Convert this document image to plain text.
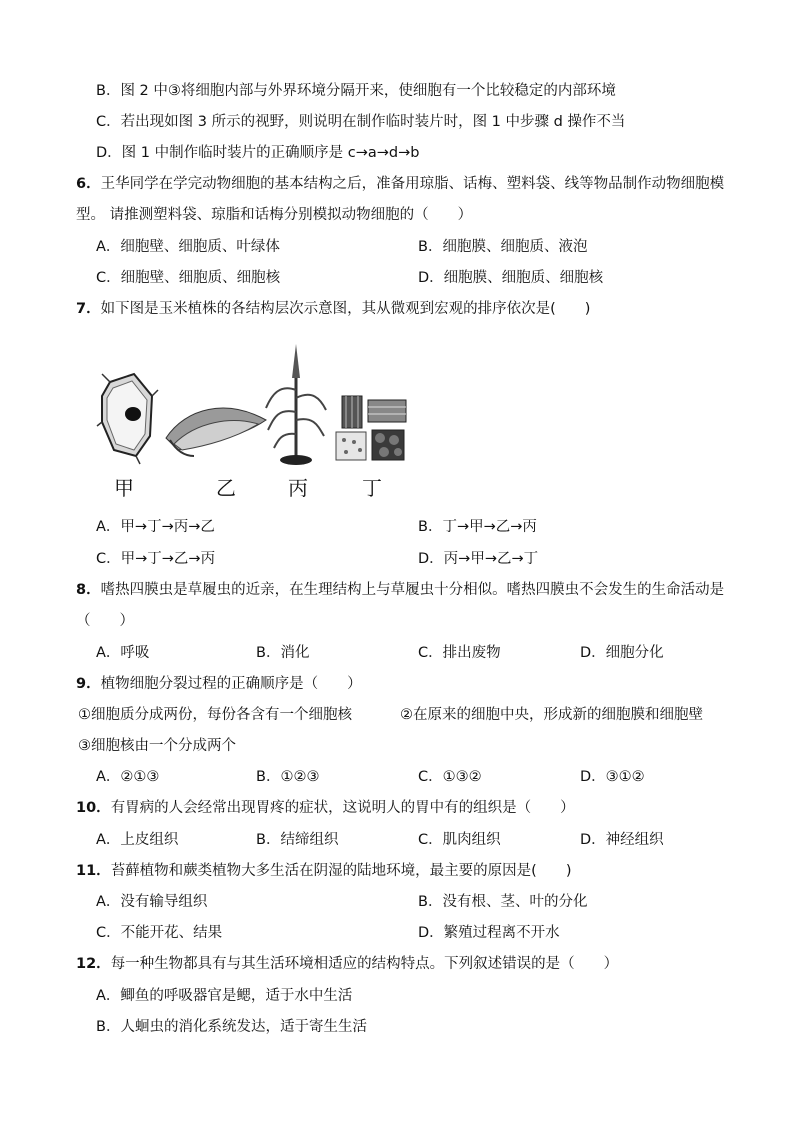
B．图 2 中③将细胞内部与外界环境分隔开来，使细胞有一个比较稳定的内部环境
C．若出现如图 3 所示的视野，则说明在制作临时装片时，图 1 中步骤 d 操作不当
D．图 1 中制作临时装片的正确顺序是 c→a→d→b
6．王华同学在学完动物细胞的基本结构之后，准备用琼脂、话梅、塑料袋、线等物品制作动物细胞模
型。 请推测塑料袋、琼脂和话梅分别模拟动物细胞的（　　）
A．细胞壁、细胞质、叶绿体	B．细胞膜、细胞质、液泡
C．细胞壁、细胞质、细胞核	D．细胞膜、细胞质、细胞核
7．如下图是玉米植株的各结构层次示意图，其从微观到宏观的排序依次是(　　)
甲	乙	丙	丁
A．甲→丁→丙→乙	B．丁→甲→乙→丙
C．甲→丁→乙→丙	D．丙→甲→乙→丁
8．嗜热四膜虫是草履虫的近亲，在生理结构上与草履虫十分相似。嗜热四膜虫不会发生的生命活动是
（　　）
A．呼吸	B．消化	C．排出废物	D．细胞分化
9．植物细胞分裂过程的正确顺序是（　　）
①细胞质分成两份，每份各含有一个细胞核	②在原来的细胞中央，形成新的细胞膜和细胞壁
③细胞核由一个分成两个
A．②①③	B．①②③	C．①③②	D．③①②
10．有胃病的人会经常出现胃疼的症状，这说明人的胃中有的组织是（　　）
A．上皮组织	B．结缔组织	C．肌肉组织	D．神经组织
11．苔藓植物和蕨类植物大多生活在阴湿的陆地环境，最主要的原因是(　　)
A．没有输导组织	B．没有根、茎、叶的分化
C．不能开花、结果	D．繁殖过程离不开水
12．每一种生物都具有与其生活环境相适应的结构特点。下列叙述错误的是（　　）
A．鲫鱼的呼吸器官是鳃，适于水中生活
B．人蛔虫的消化系统发达，适于寄生生活
